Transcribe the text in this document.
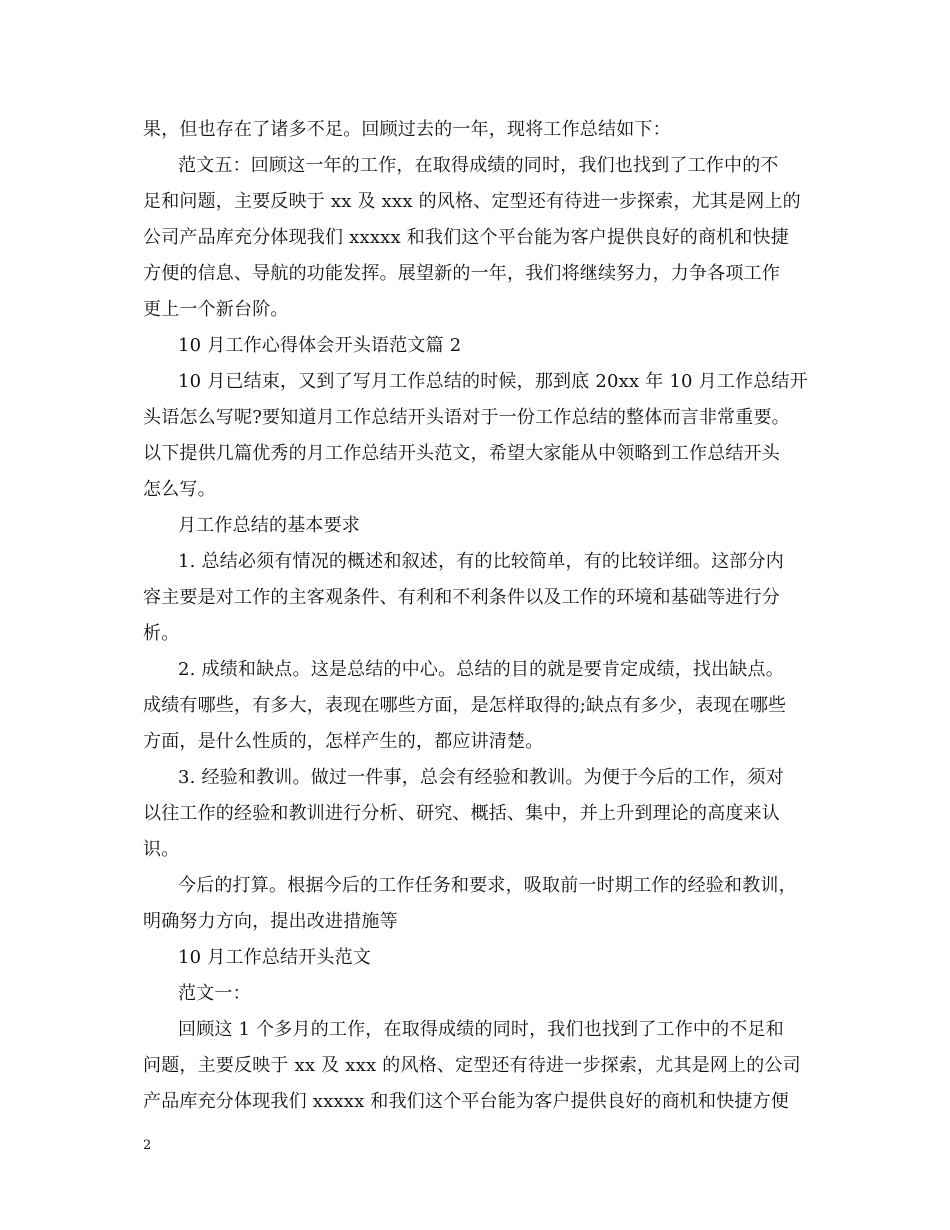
果，但也存在了诸多不足。回顾过去的一年，现将工作总结如下：
范文五：回顾这一年的工作，在取得成绩的同时，我们也找到了工作中的不
足和问题，主要反映于 xx 及 xxx 的风格、定型还有待进一步探索，尤其是网上的
公司产品库充分体现我们 xxxxx 和我们这个平台能为客户提供良好的商机和快捷
方便的信息、导航的功能发挥。展望新的一年，我们将继续努力，力争各项工作
更上一个新台阶。
10 月工作心得体会开头语范文篇 2
10 月已结束，又到了写月工作总结的时候，那到底 20xx 年 10 月工作总结开
头语怎么写呢?要知道月工作总结开头语对于一份工作总结的整体而言非常重要。
以下提供几篇优秀的月工作总结开头范文，希望大家能从中领略到工作总结开头
怎么写。
月工作总结的基本要求
1. 总结必须有情况的概述和叙述，有的比较简单，有的比较详细。这部分内
容主要是对工作的主客观条件、有利和不利条件以及工作的环境和基础等进行分
析。
2. 成绩和缺点。这是总结的中心。总结的目的就是要肯定成绩，找出缺点。
成绩有哪些，有多大，表现在哪些方面，是怎样取得的;缺点有多少，表现在哪些
方面，是什么性质的，怎样产生的，都应讲清楚。
3. 经验和教训。做过一件事，总会有经验和教训。为便于今后的工作，须对
以往工作的经验和教训进行分析、研究、概括、集中，并上升到理论的高度来认
识。
今后的打算。根据今后的工作任务和要求，吸取前一时期工作的经验和教训，
明确努力方向，提出改进措施等
10 月工作总结开头范文
范文一：
回顾这 1 个多月的工作，在取得成绩的同时，我们也找到了工作中的不足和
问题，主要反映于 xx 及 xxx 的风格、定型还有待进一步探索，尤其是网上的公司
产品库充分体现我们 xxxxx 和我们这个平台能为客户提供良好的商机和快捷方便
2
